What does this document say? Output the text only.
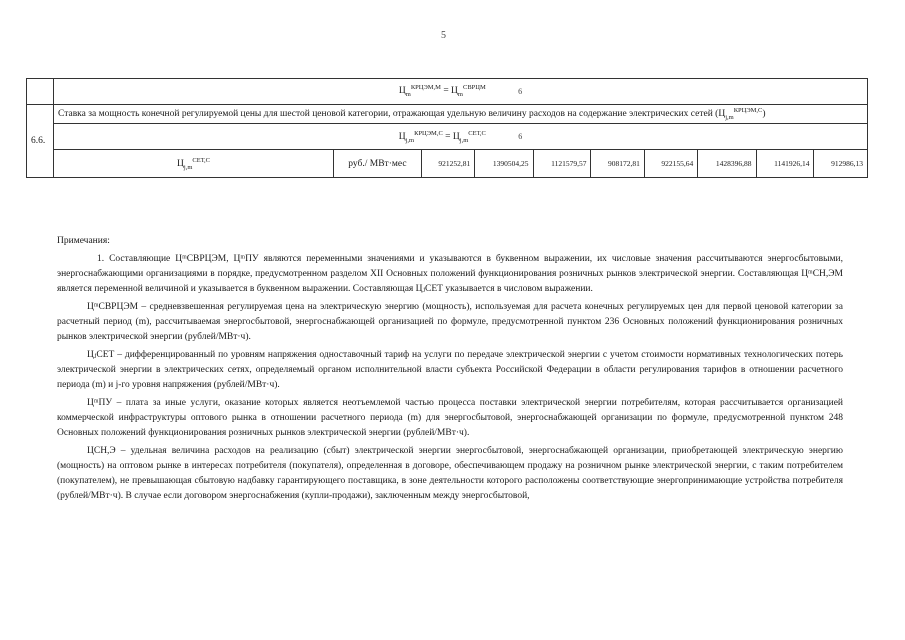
5
	$Ц_m^{КРЦЭМ,М} = Ц_m^{СВРЦМ}$ 6									
6.6.	Ставка за мощность конечной регулируемой цены для шестой ценовой категории, отражающая удельную величину расходов на содержание электрических сетей $(Ц_{j,m}^{КРЦЭМ,С})$									
	$Ц_{j,m}^{КРЦЭМ,С} = Ц_{j,m}^{СЕТ,С}$ 6									
	$Ц_{j,m}^{СЕТ,С}$	руб./ МВт·мес	921252,81	1390504,25	1121579,57	908172,81	922155,64	1428396,88	1141926,14	912986,13

Примечания:

1. Составляющие ЦᵐСВРЦЭМ, ЦᵐПУ являются переменными значениями и указываются в буквенном выражении, их числовые значения рассчитываются энергосбытовыми, энергоснабжающими организациями в порядке, предусмотренном разделом XII Основных положений функционирования розничных рынков электрической энергии. Составляющая ЦᵐСН,ЭМ является переменной величиной и указывается в буквенном выражении. Составляющая ЦⱼСЕТ указывается в числовом выражении.

ЦᵐСВРЦЭМ – средневзвешенная регулируемая цена на электрическую энергию (мощность), используемая для расчета конечных регулируемых цен для первой ценовой категории за расчетный период (m), рассчитываемая энергосбытовой, энергоснабжающей организацией по формуле, предусмотренной пунктом 236 Основных положений функционирования розничных рынков электрической энергии (рублей/МВт·ч).

ЦⱼСЕТ – дифференцированный по уровням напряжения одноставочный тариф на услуги по передаче электрической энергии с учетом стоимости нормативных технологических потерь электрической энергии в электрических сетях, определяемый органом исполнительной власти субъекта Российской Федерации в области регулирования тарифов в отношении расчетного периода (m) и j-го уровня напряжения (рублей/МВт·ч).

ЦᵐПУ – плата за иные услуги, оказание которых является неотъемлемой частью процесса поставки электрической энергии потребителям, которая рассчитывается организацией коммерческой инфраструктуры оптового рынка в отношении расчетного периода (m) для энергосбытовой, энергоснабжающей организации по формуле, предусмотренной пунктом 248 Основных положений функционирования розничных рынков электрической энергии (рублей/МВт·ч).

ЦСН,Э – удельная величина расходов на реализацию (сбыт) электрической энергии энергосбытовой, энергоснабжающей организации, приобретающей электрическую энергию (мощность) на оптовом рынке в интересах потребителя (покупателя), определенная в договоре, обеспечивающем продажу на розничном рынке электрической энергии, с таким потребителем (покупателем), не превышающая сбытовую надбавку гарантирующего поставщика, в зоне деятельности которого расположены соответствующие энергопринимающие устройства потребителя (рублей/МВт·ч). В случае если договором энергоснабжения (купли-продажи), заключенным между энергосбытовой,
